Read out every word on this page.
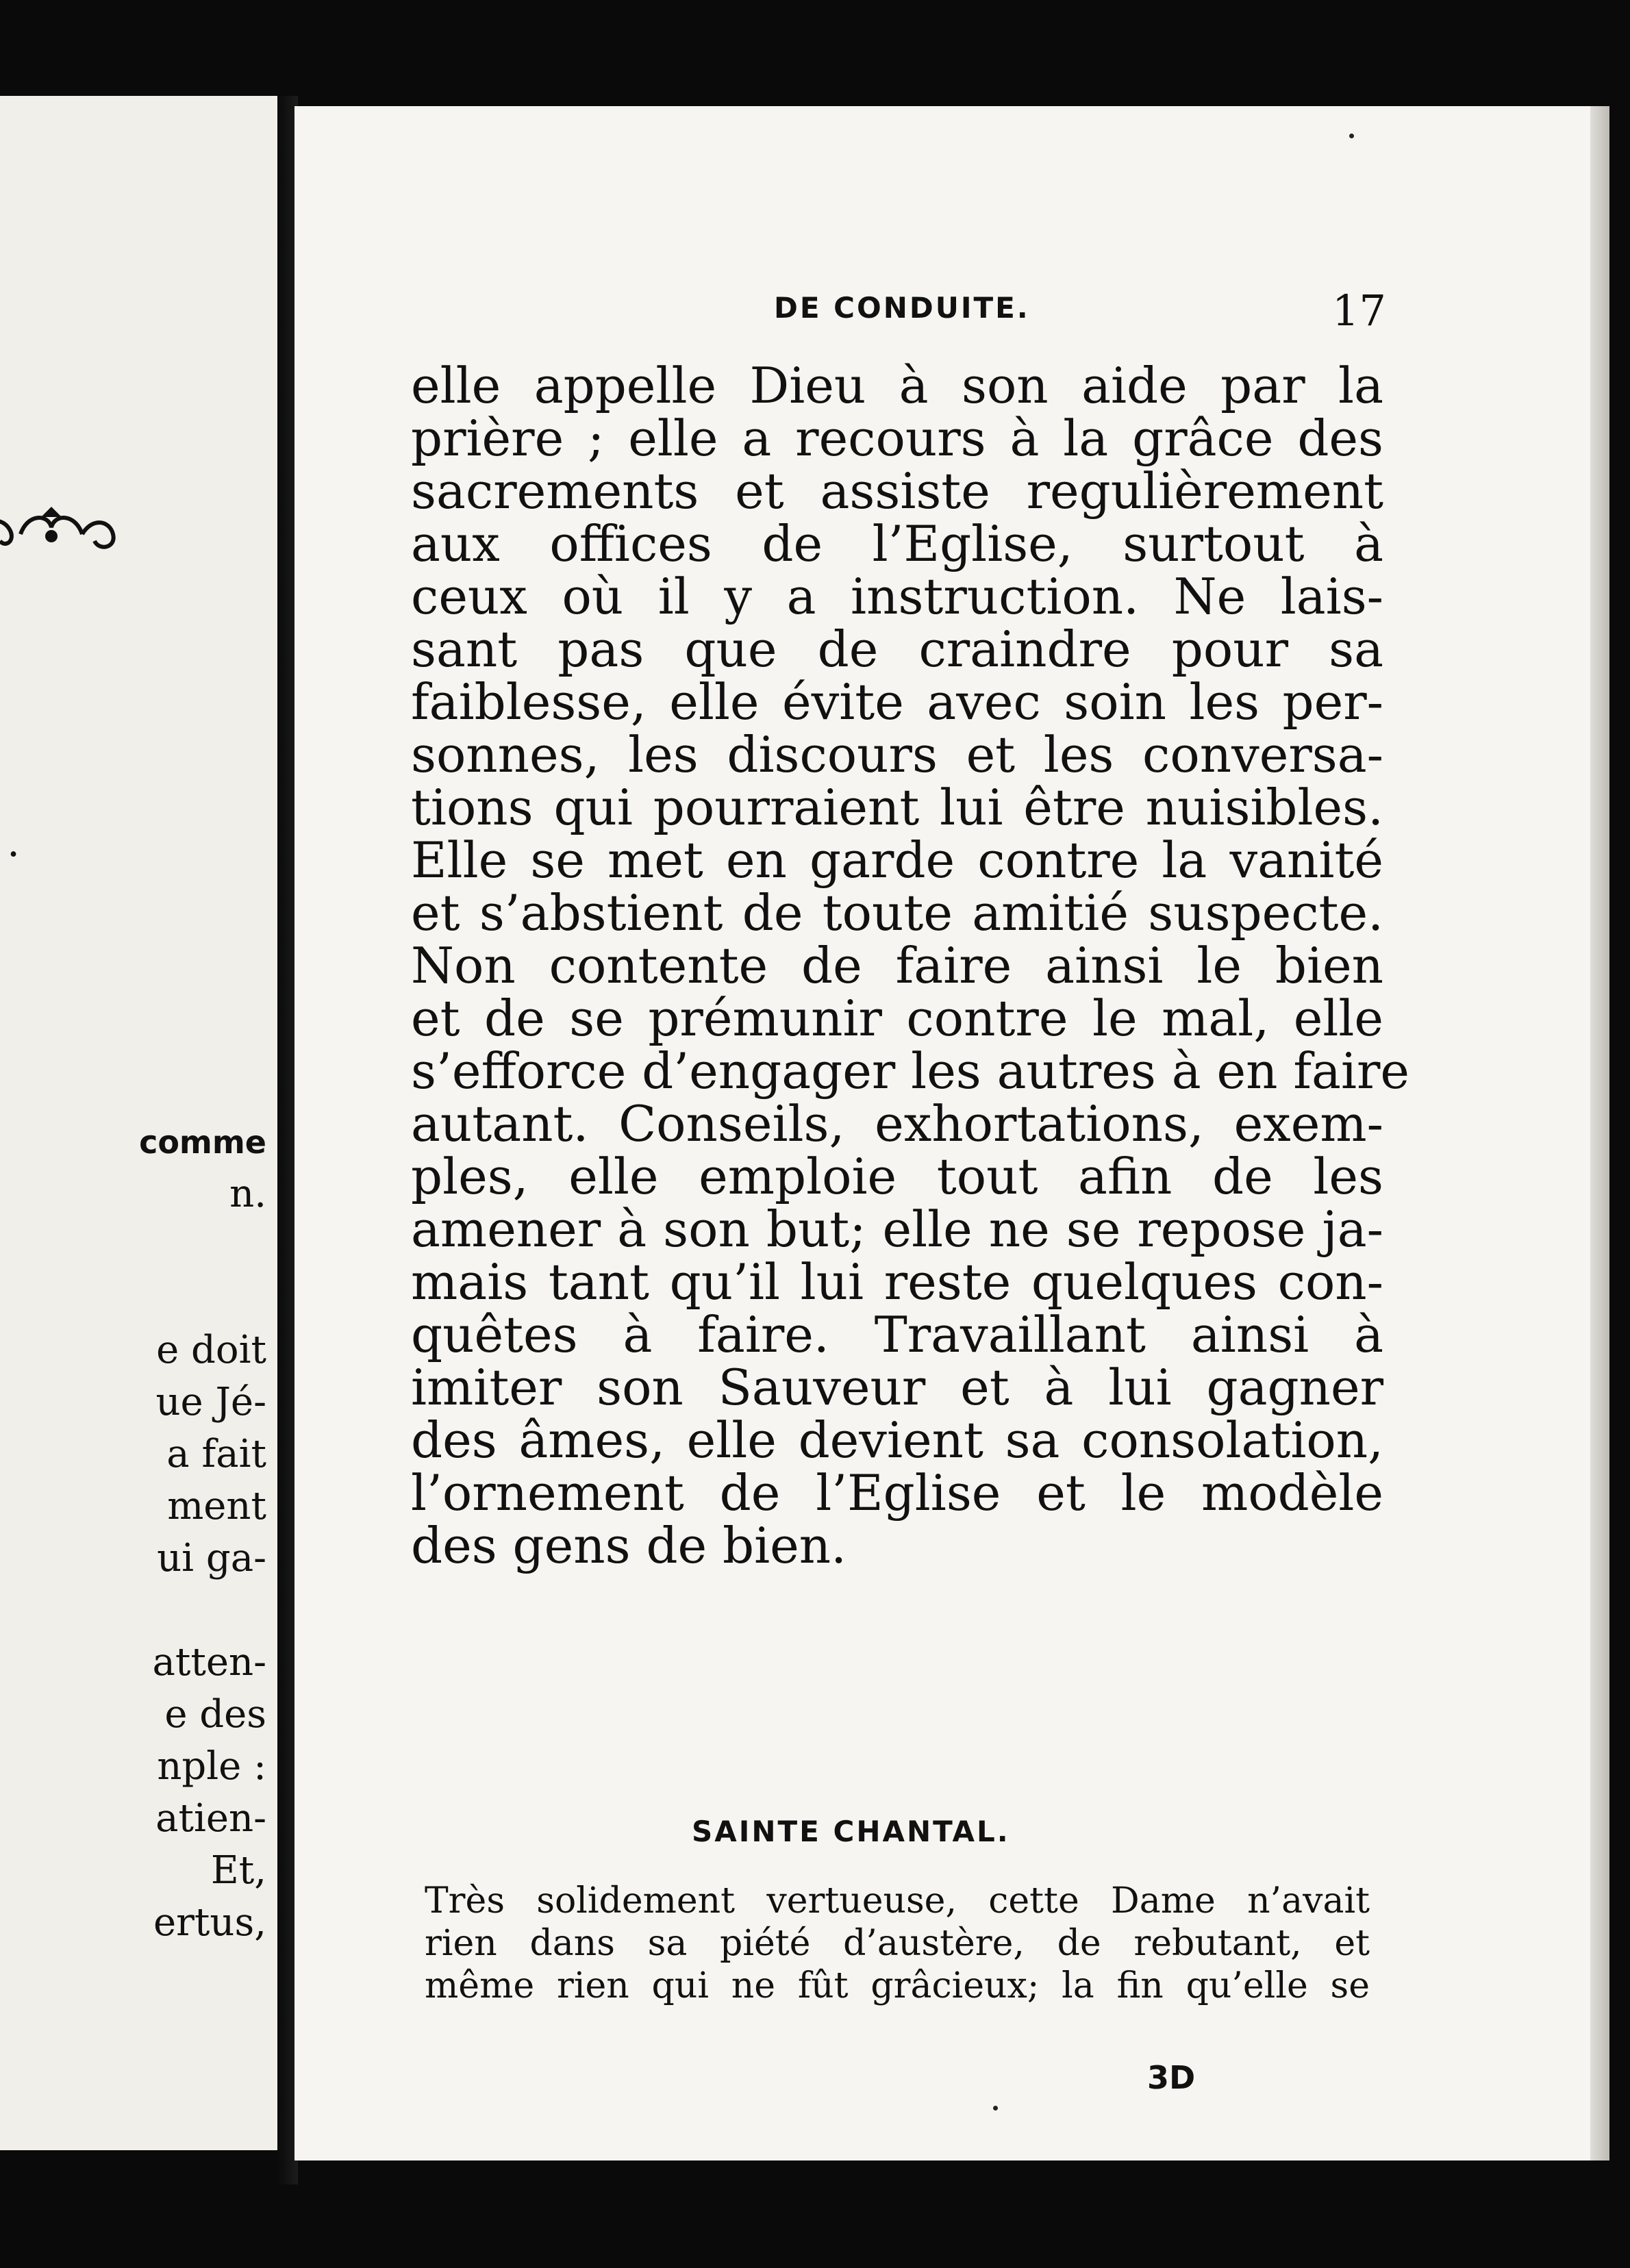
.
comme
n.
e doit
ue Jé-
a fait
ment
ui ga-
atten-
e des
nple :
atien-
Et,
ertus,
DE CONDUITE.	17
elle appelle Dieu à son aide par la
prière ; elle a recours à la grâce des
sacrements et assiste regulièrement
aux offices de l’Eglise, surtout à
ceux où il y a instruction. Ne lais-
sant pas que de craindre pour sa
faiblesse, elle évite avec soin les per-
sonnes, les discours et les conversa-
tions qui pourraient lui être nuisibles.
Elle se met en garde contre la vanité
et s’abstient de toute amitié suspecte.
Non contente de faire ainsi le bien
et de se prémunir contre le mal, elle
s’efforce d’engager les autres à en faire
autant. Conseils, exhortations, exem-
ples, elle emploie tout afin de les
amener à son but; elle ne se repose ja-
mais tant qu’il lui reste quelques con-
quêtes à faire. Travaillant ainsi à
imiter son Sauveur et à lui gagner
des âmes, elle devient sa consolation,
l’ornement de l’Eglise et le modèle
des gens de bien.
SAINTE CHANTAL.
Très solidement vertueuse, cette Dame n’avait
rien dans sa piété d’austère, de rebutant, et
même rien qui ne fût grâcieux; la fin qu’elle se
3D
